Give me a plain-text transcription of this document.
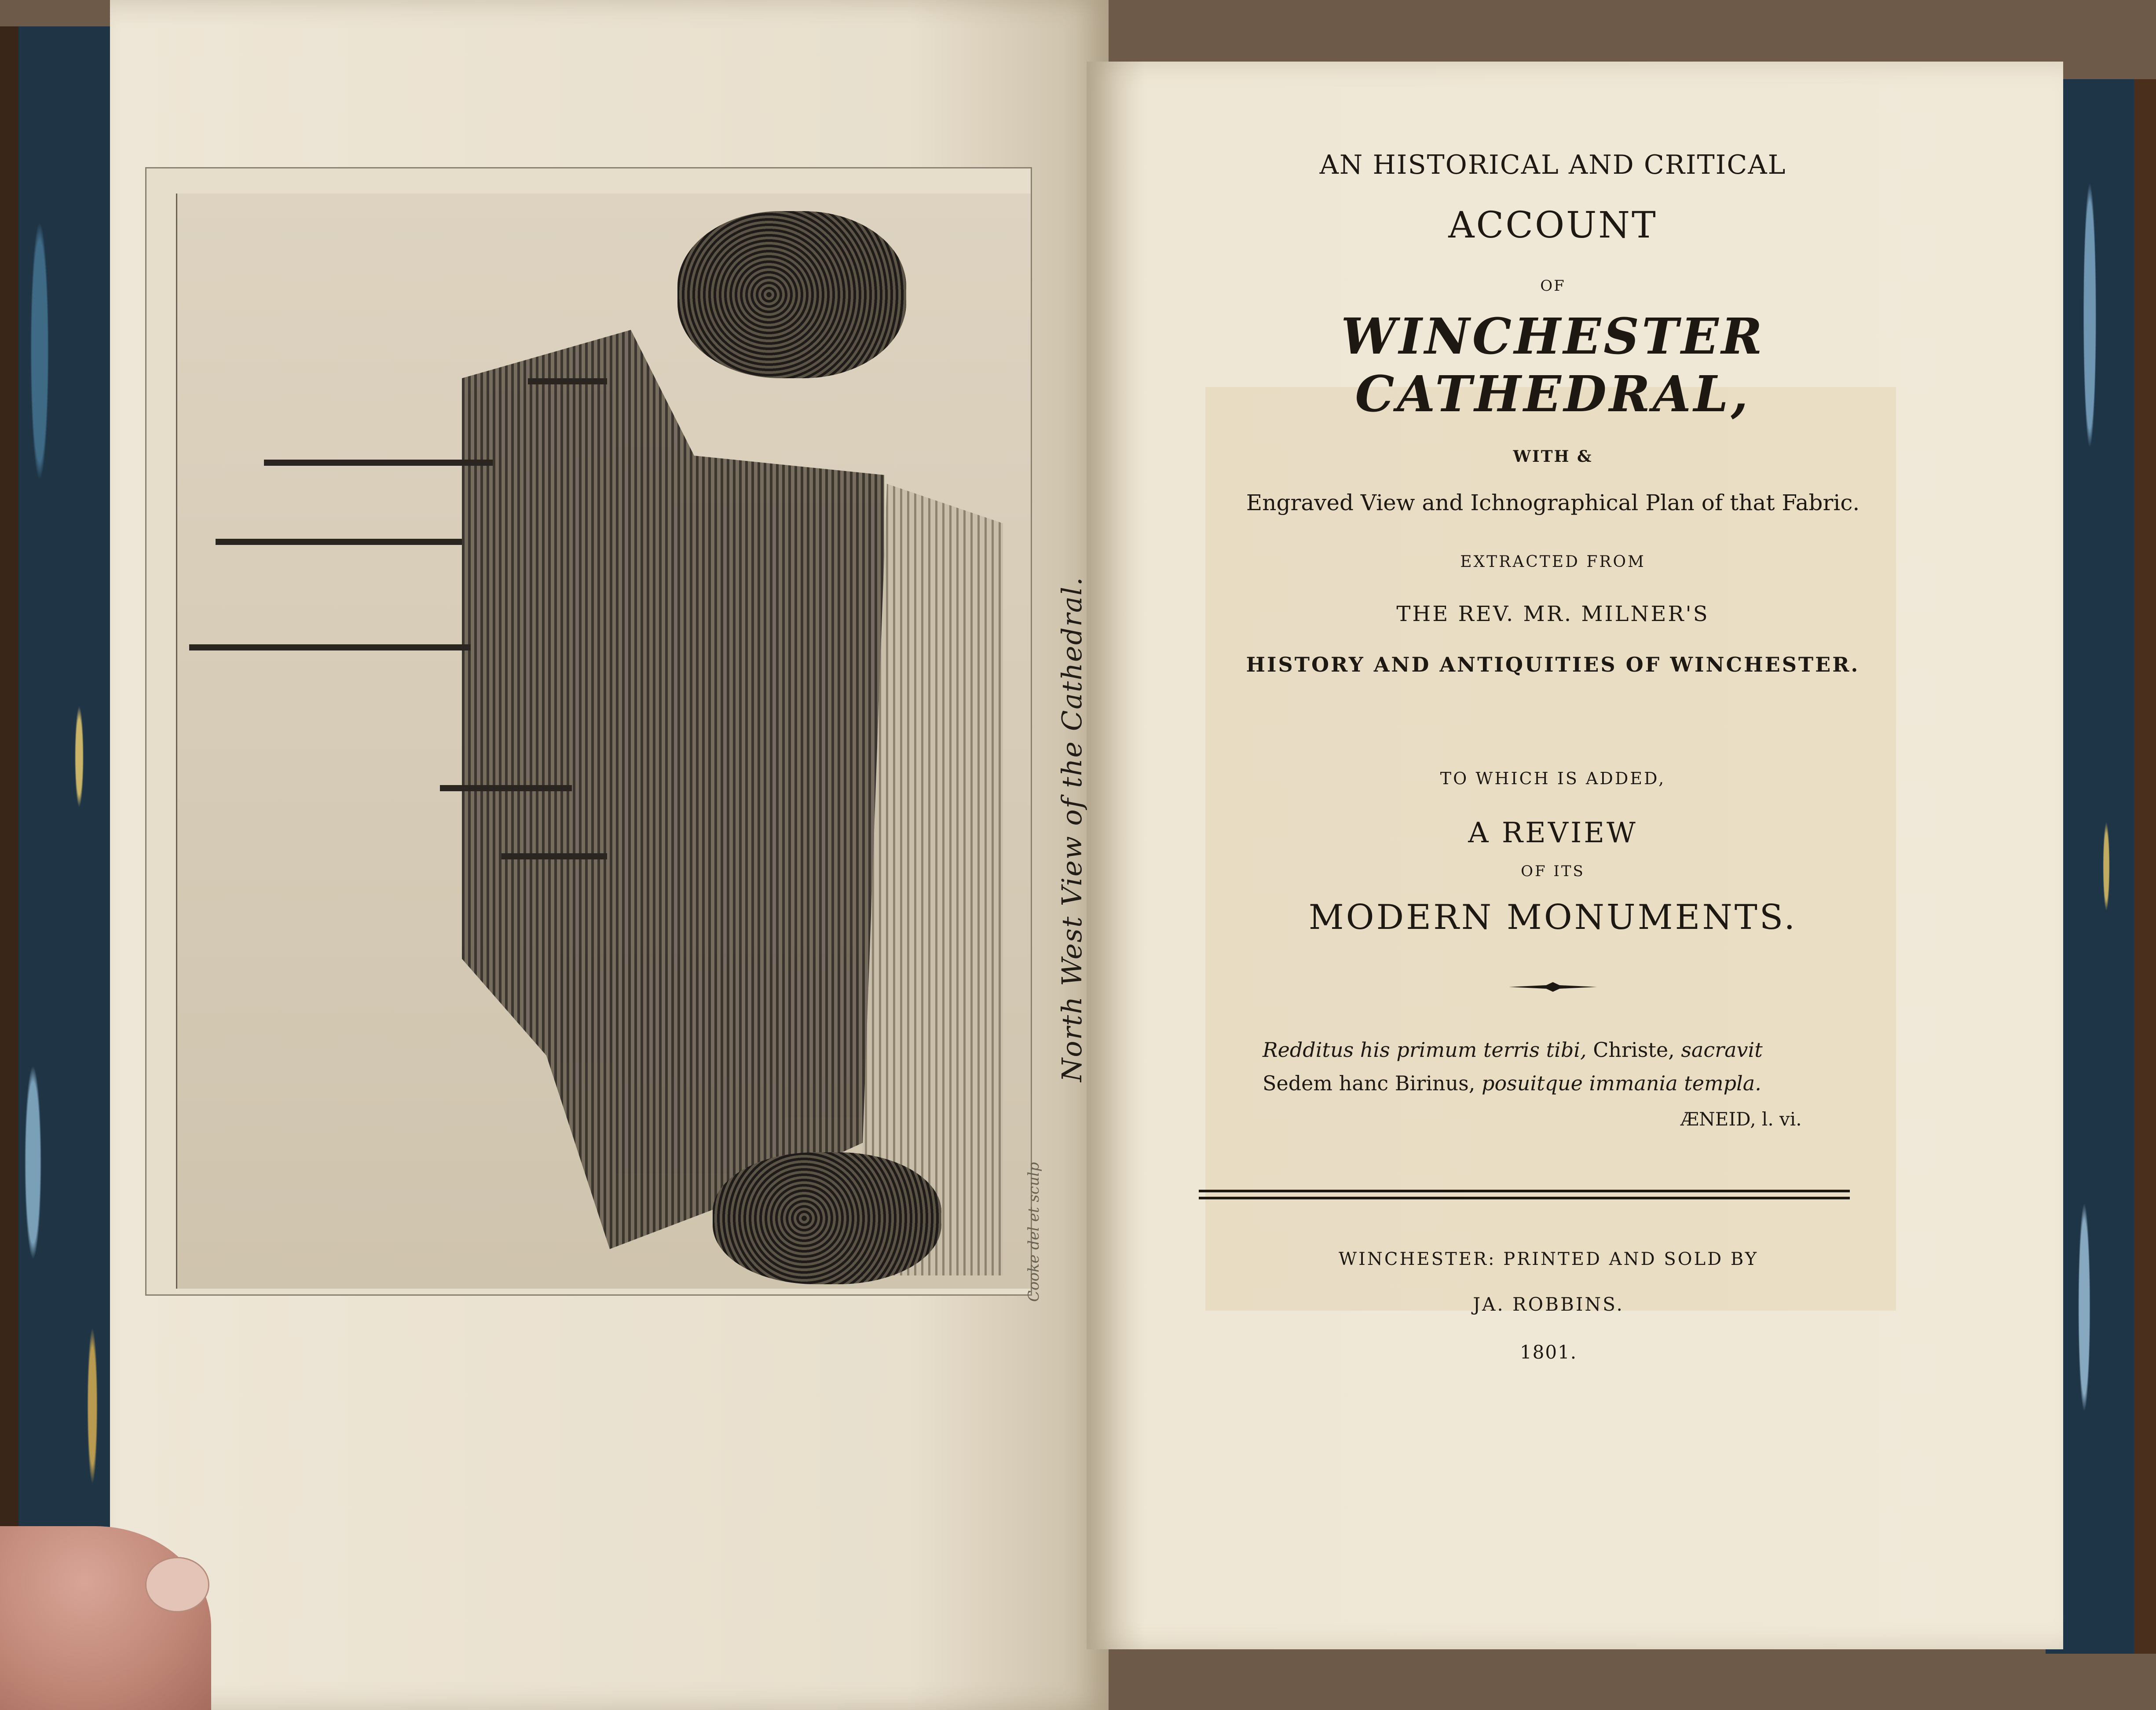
North West View of the Cathedral.
Cooke del et sculp
AN HISTORICAL AND CRITICAL
ACCOUNT
OF
WINCHESTER CATHEDRAL,
WITH &
Engraved View and Ichnographical Plan of that Fabric.
EXTRACTED FROM
THE REV. MR. MILNER'S
HISTORY AND ANTIQUITIES OF WINCHESTER.
TO WHICH IS ADDED,
A REVIEW
OF ITS
MODERN MONUMENTS.
Redditus his primum terris tibi, Christe, sacravit
Sedem hanc Birinus, posuitque immania templa.
ÆNEID, l. vi.
WINCHESTER: PRINTED AND SOLD BY
JA. ROBBINS.
1801.
